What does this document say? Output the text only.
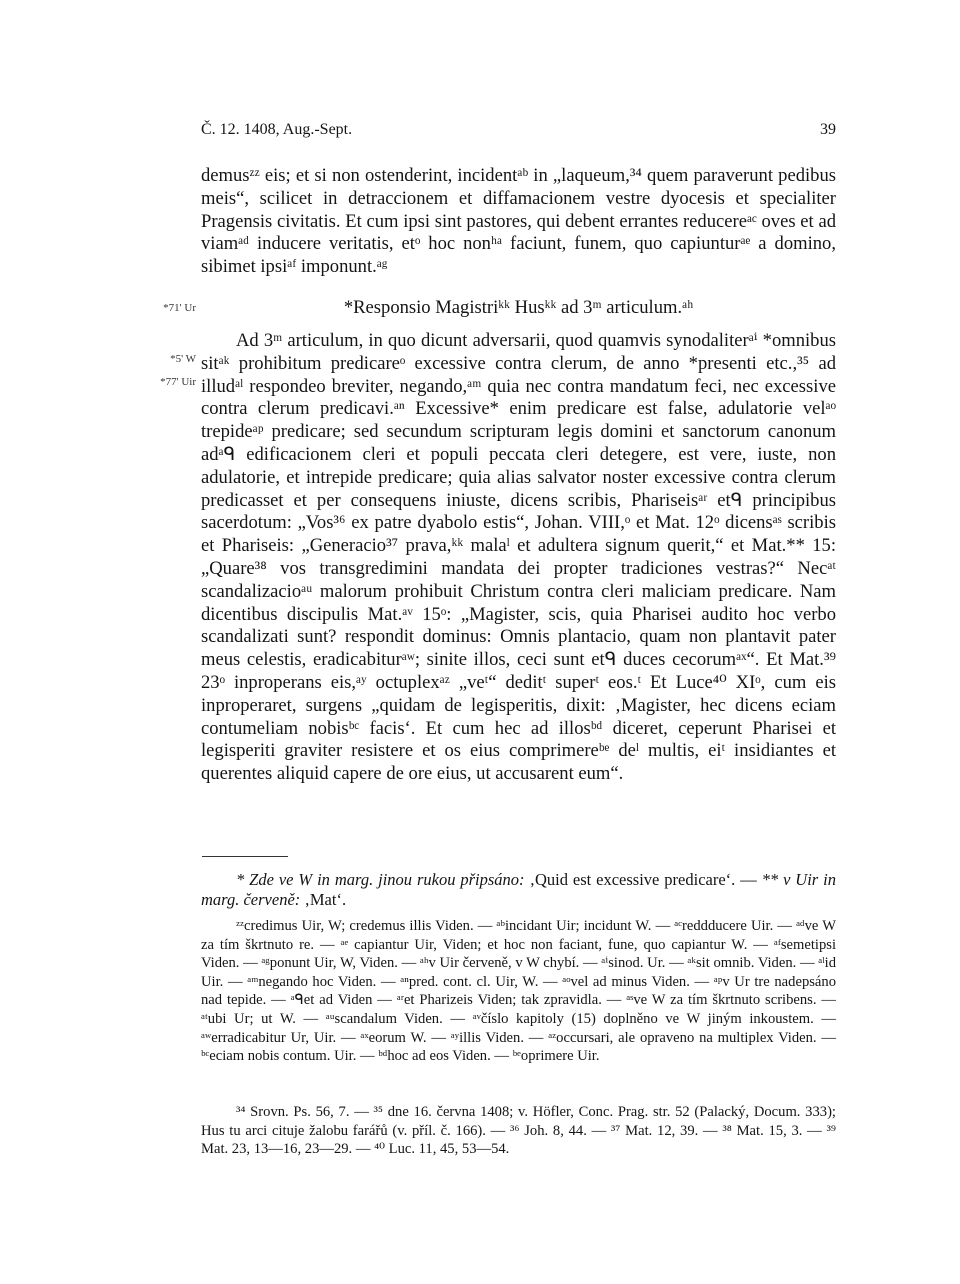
Č. 12. 1408, Aug.-Sept.	39
demusᶻᶻ eis; et si non ostenderint, incidentᵃᵇ in „laqueum,³⁴ quem paraverunt pedibus meis“, scilicet in detraccionem et diffamacionem vestre dyocesis et specialiter Pragensis civitatis. Et cum ipsi sint pastores, qui debent errantes reducereᵃᶜ oves et ad viamᵃᵈ inducere veritatis, etᵒ hoc nonʰᵃ faciunt, funem, quo capiunturᵃᵉ a domino, sibimet ipsiᵃᶠ imponunt.ᵃᵍ
*71' Ur	*Responsio Magistriᵏᵏ Husᵏᵏ ad 3ᵐ articulum.ᵃʰ
*5' W
*77' Uir
Ad 3ᵐ articulum, in quo dicunt adversarii, quod quamvis synodaliterᵃⁱ *omnibus sitᵃᵏ prohibitum predicareᵒ excessive contra clerum, de anno *presenti etc.,³⁵ ad illudᵃˡ respondeo breviter, negando,ᵃᵐ quia nec contra mandatum feci, nec excessive contra clerum predicavi.ᵃⁿ Excessive* enim predicare est false, adulatorie velᵃᵒ trepideᵃᵖ predicare; sed secundum scripturam legis domini et sanctorum canonum adᵃᑫ edificacionem cleri et populi peccata cleri detegere, est vere, iuste, non adulatorie, et intrepide predicare; quia alias salvator noster excessive contra clerum predicasset et per consequens iniuste, dicens scribis, Phariseisᵃʳ etᑫ principibus sacerdotum: „Vos³⁶ ex patre dyabolo estis“, Johan. VIII,ᵒ et Mat. 12ᵒ dicensᵃˢ scribis et Phariseis: „Generacio³⁷ prava,ᵏᵏ malaˡ et adultera signum querit,“ et Mat.** 15: „Quare³⁸ vos transgredimini mandata dei propter tradiciones vestras?“ Necᵃᵗ scandalizacioᵃᵘ malorum prohibuit Christum contra cleri maliciam predicare. Nam dicentibus discipulis Mat.ᵃᵛ 15ᵒ: „Magister, scis, quia Pharisei audito hoc verbo scandalizati sunt? respondit dominus: Omnis plantacio, quam non plantavit pater meus celestis, eradicabiturᵃʷ; sinite illos, ceci sunt etᑫ duces cecorumᵃˣ“. Et Mat.³⁹ 23ᵒ inproperans eis,ᵃʸ octuplexᵃᶻ „veᵗ“ deditᵗ superᵗ eos.ᵗ Et Luce⁴⁰ XIᵒ, cum eis inproperaret, surgens „quidam de legisperitis, dixit: ‚Magister, hec dicens eciam contumeliam nobisᵇᶜ facis‘. Et cum hec ad illosᵇᵈ diceret, ceperunt Pharisei et legisperiti graviter resistere et os eius comprimereᵇᵉ deˡ multis, eiᵗ insidiantes et querentes aliquid capere de ore eius, ut accusarent eum“.
* Zde ve W in marg. jinou rukou připsáno: ‚Quid est excessive predicare‘. — ** v Uir in marg. červeně: ‚Mat‘.
ᶻᶻcredimus Uir, W; credemus illis Viden. — ᵃᵇincidant Uir; incidunt W. — ᵃᶜreddducere Uir. — ᵃᵈve W za tím škrtnuto re. — ᵃᵉ capiantur Uir, Viden; et hoc non faciant, fune, quo capiantur W. — ᵃᶠsemetipsi Viden. — ᵃᵍponunt Uir, W, Viden. — ᵃʰv Uir červeně, v W chybí. — ᵃⁱsinod. Ur. — ᵃᵏsit omnib. Viden. — ᵃˡid Uir. — ᵃᵐnegando hoc Viden. — ᵃⁿpred. cont. cl. Uir, W. — ᵃᵒvel ad minus Viden. — ᵃᵖv Ur tre nadepsáno nad tepide. — ᵃᑫet ad Viden — ᵃʳet Pharizeis Viden; tak zpravidla. — ᵃˢve W za tím škrtnuto scribens. — ᵃᵗubi Ur; ut W. — ᵃᵘscandalum Viden. — ᵃᵛčíslo kapitoly (15) doplněno ve W jiným inkoustem. — ᵃʷerradicabitur Ur, Uir. — ᵃˣeorum W. — ᵃʸillis Viden. — ᵃᶻoccursari, ale opraveno na multiplex Viden. — ᵇᶜeciam nobis contum. Uir. — ᵇᵈhoc ad eos Viden. — ᵇᵉoprimere Uir.
³⁴ Srovn. Ps. 56, 7. — ³⁵ dne 16. června 1408; v. Höfler, Conc. Prag. str. 52 (Palacký, Docum. 333); Hus tu arci cituje žalobu farářů (v. příl. č. 166). — ³⁶ Joh. 8, 44. — ³⁷ Mat. 12, 39. — ³⁸ Mat. 15, 3. — ³⁹ Mat. 23, 13—16, 23—29. — ⁴⁰ Luc. 11, 45, 53—54.
